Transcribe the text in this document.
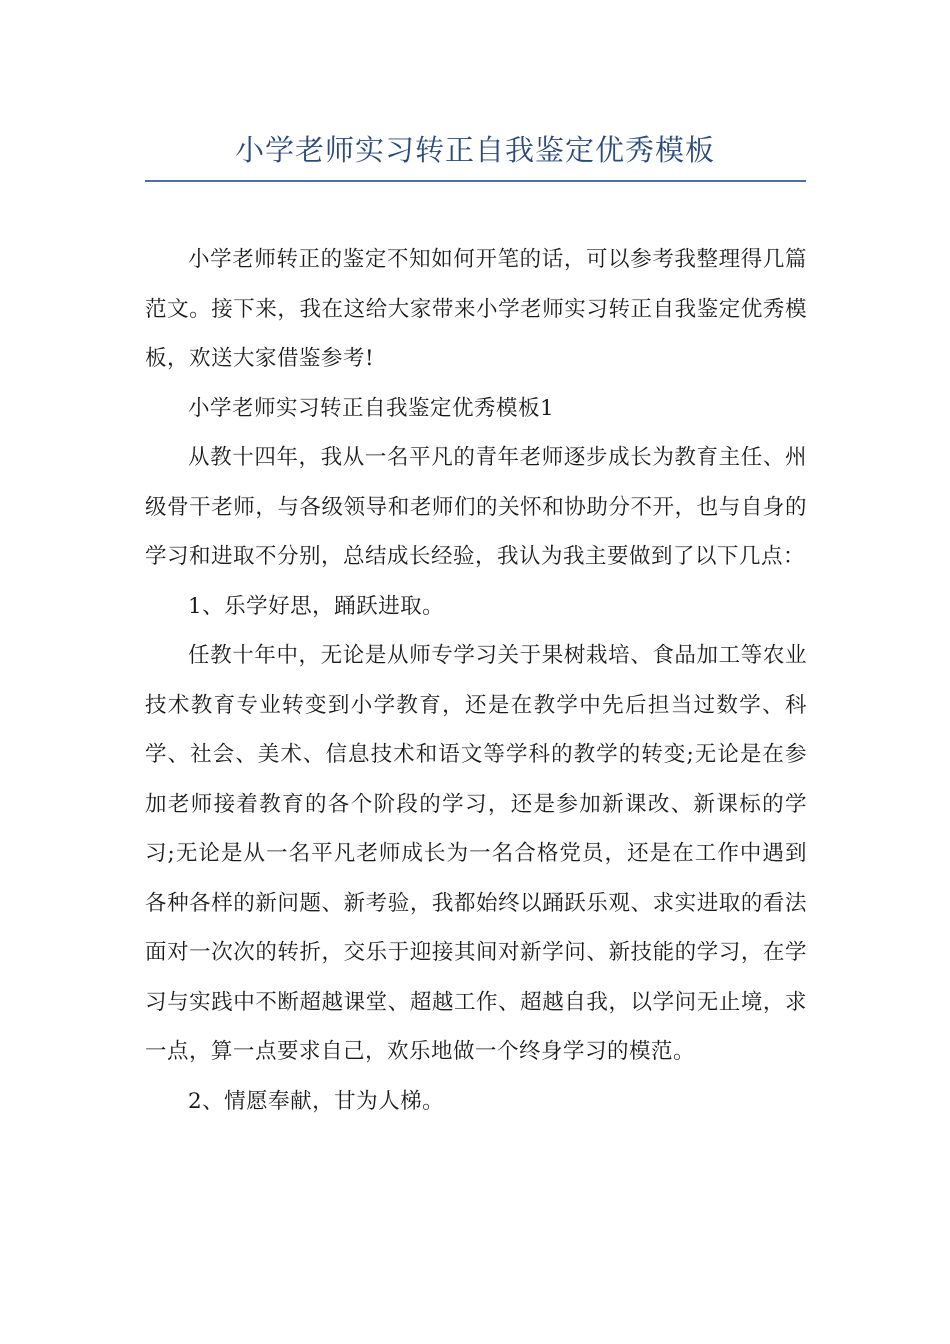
小学老师实习转正自我鉴定优秀模板

小学老师转正的鉴定不知如何开笔的话，可以参考我整理得几篇范文。接下来，我在这给大家带来小学老师实习转正自我鉴定优秀模板，欢送大家借鉴参考!

小学老师实习转正自我鉴定优秀模板1

从教十四年，我从一名平凡的青年老师逐步成长为教育主任、州级骨干老师，与各级领导和老师们的关怀和协助分不开，也与自身的学习和进取不分别，总结成长经验，我认为我主要做到了以下几点：

1、乐学好思，踊跃进取。

任教十年中，无论是从师专学习关于果树栽培、食品加工等农业技术教育专业转变到小学教育，还是在教学中先后担当过数学、科学、社会、美术、信息技术和语文等学科的教学的转变;无论是在参加老师接着教育的各个阶段的学习，还是参加新课改、新课标的学习;无论是从一名平凡老师成长为一名合格党员，还是在工作中遇到各种各样的新问题、新考验，我都始终以踊跃乐观、求实进取的看法面对一次次的转折，交乐于迎接其间对新学问、新技能的学习，在学习与实践中不断超越课堂、超越工作、超越自我，以学问无止境，求一点，算一点要求自己，欢乐地做一个终身学习的模范。

2、情愿奉献，甘为人梯。
